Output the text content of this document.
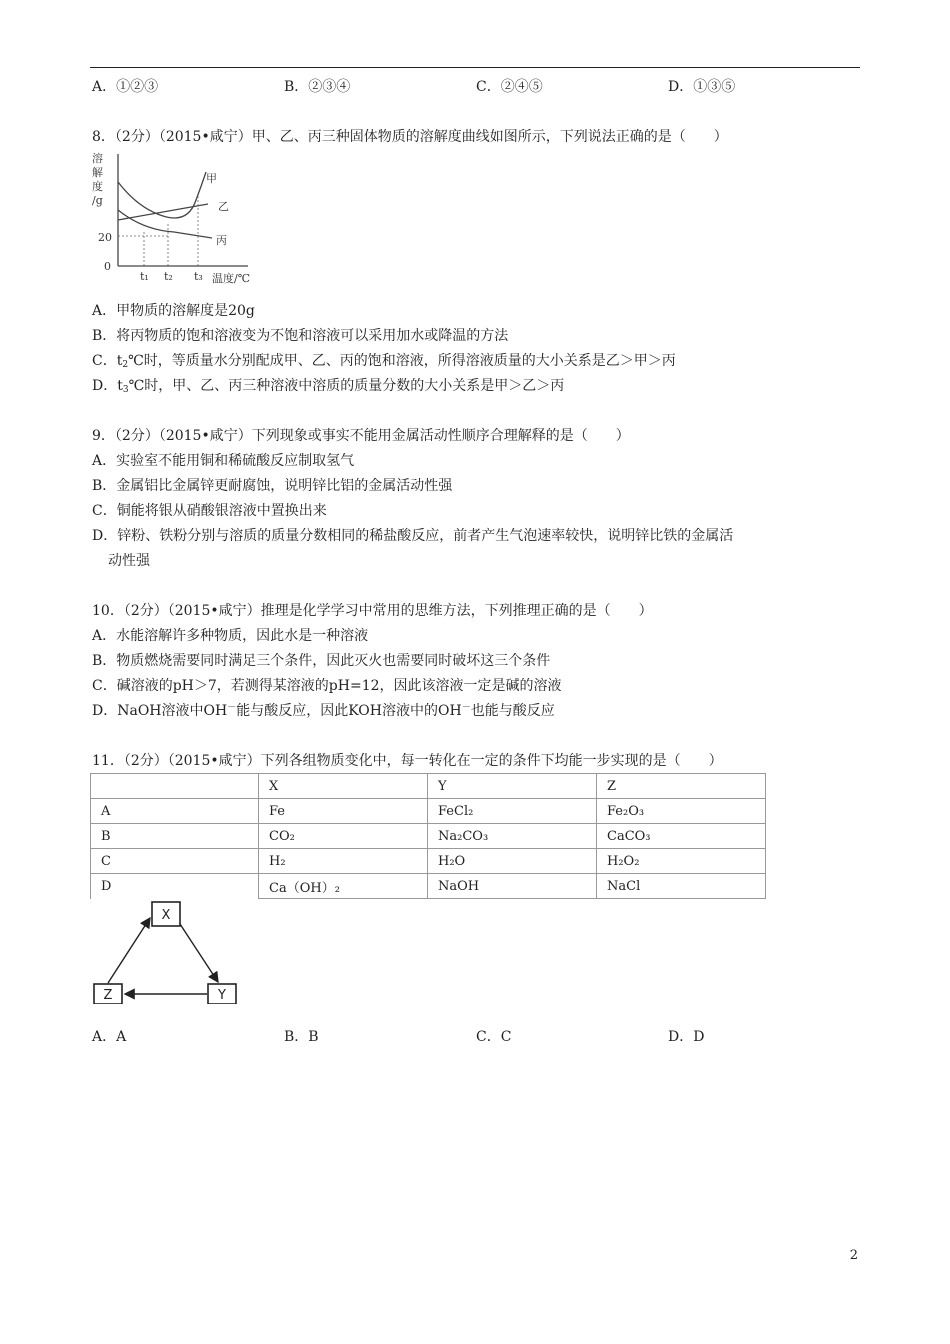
A．①②③	B．②③④	C．②④⑤	D．①③⑤
8．（2分）（2015•咸宁）甲、乙、丙三种固体物质的溶解度曲线如图所示，下列说法正确的是（　　）
溶
解
度
/g
20
0
t₁ t₂ t₃ 温度/℃
甲
乙
丙
A．甲物质的溶解度是20g
B．将丙物质的饱和溶液变为不饱和溶液可以采用加水或降温的方法
C．$t_2℃$时，等质量水分别配成甲、乙、丙的饱和溶液，所得溶液质量的大小关系是乙＞甲＞丙
D．$t_3℃$时，甲、乙、丙三种溶液中溶质的质量分数的大小关系是甲＞乙＞丙
9．（2分）（2015•咸宁）下列现象或事实不能用金属活动性顺序合理解释的是（　　）
A．实验室不能用铜和稀硫酸反应制取氢气
B．金属铝比金属锌更耐腐蚀，说明锌比铝的金属活动性强
C．铜能将银从硝酸银溶液中置换出来
D．锌粉、铁粉分别与溶质的质量分数相同的稀盐酸反应，前者产生气泡速率较快，说明锌比铁的金属活
动性强
10．（2分）（2015•咸宁）推理是化学学习中常用的思维方法，下列推理正确的是（　　）
A．水能溶解许多种物质，因此水是一种溶液
B．物质燃烧需要同时满足三个条件，因此灭火也需要同时破坏这三个条件
C．碱溶液的pH＞7，若测得某溶液的pH=12，因此该溶液一定是碱的溶液
D．NaOH溶液中OH－能与酸反应，因此KOH溶液中的OH－也能与酸反应
11．（2分）（2015•咸宁）下列各组物质变化中，每一转化在一定的条件下均能一步实现的是（　　）
	X	Y	Z
A	Fe	FeCl₂	Fe₂O₃
B	CO₂	Na₂CO₃	CaCO₃
C	H₂	H₂O	H₂O₂
D	Ca（OH）₂	NaOH	NaCl
X
Z	Y
A．A	B．B	C．C	D．D
2
